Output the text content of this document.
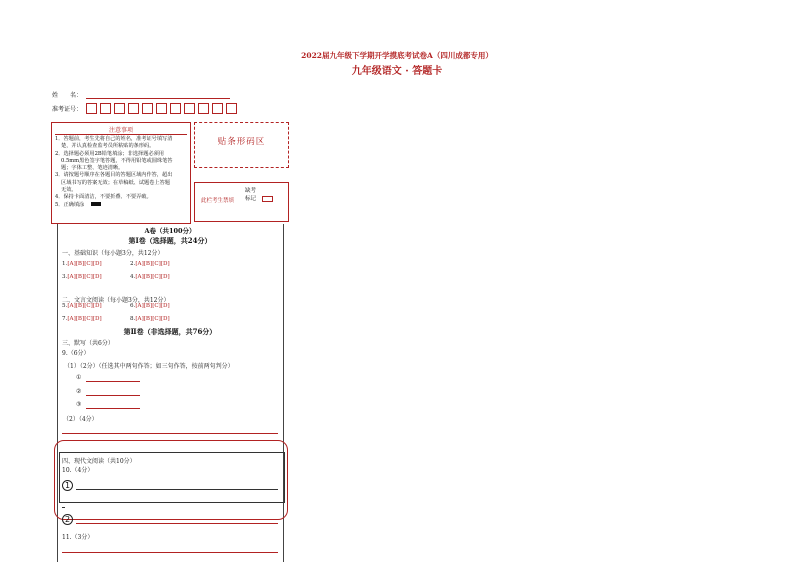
2022届九年级下学期开学摸底考试卷A（四川成都专用）
九年级语文 · 答题卡
姓　　名：
准考证号：
注意事项
1．答题前，考生先将自己的姓名，准考证号填写清
楚，并认真检查监考员所粘贴的条形码。
2．选择题必须用2B铅笔填涂；非选择题必须用
0.5mm黑色签字笔答题，不得用铅笔或圆珠笔答
题；字体工整、笔迹清晰。
3．请按题号顺序在各题目的答题区域内作答，超出
区域书写的答案无效；在草稿纸、试题卷上答题
无效。
4．保持卡面清洁，不要折叠、不要弄破。
5．正确填涂
贴条形码区
此栏考生禁填
缺考
标记
A卷（共100分）
第Ⅰ卷（选择题，共24分）
一、基础知识（每小题3分，共12分）
1.[A][B][C][D]	2.[A][B][C][D]
3.[A][B][C][D]	4.[A][B][C][D]
二、文言文阅读（每小题3分，共12分）
5.[A][B][C][D]	6.[A][B][C][D]
7.[A][B][C][D]	8.[A][B][C][D]
第Ⅱ卷（非选择题，共76分）
三、默写（共6分）
9.（6分）
（1）（2分）（任选其中两句作答；如三句作答，按前两句判分）
①
②
③
（2）（4分）
四、现代文阅读（共10分）
10.（4分）
1
2
11.（3分）
